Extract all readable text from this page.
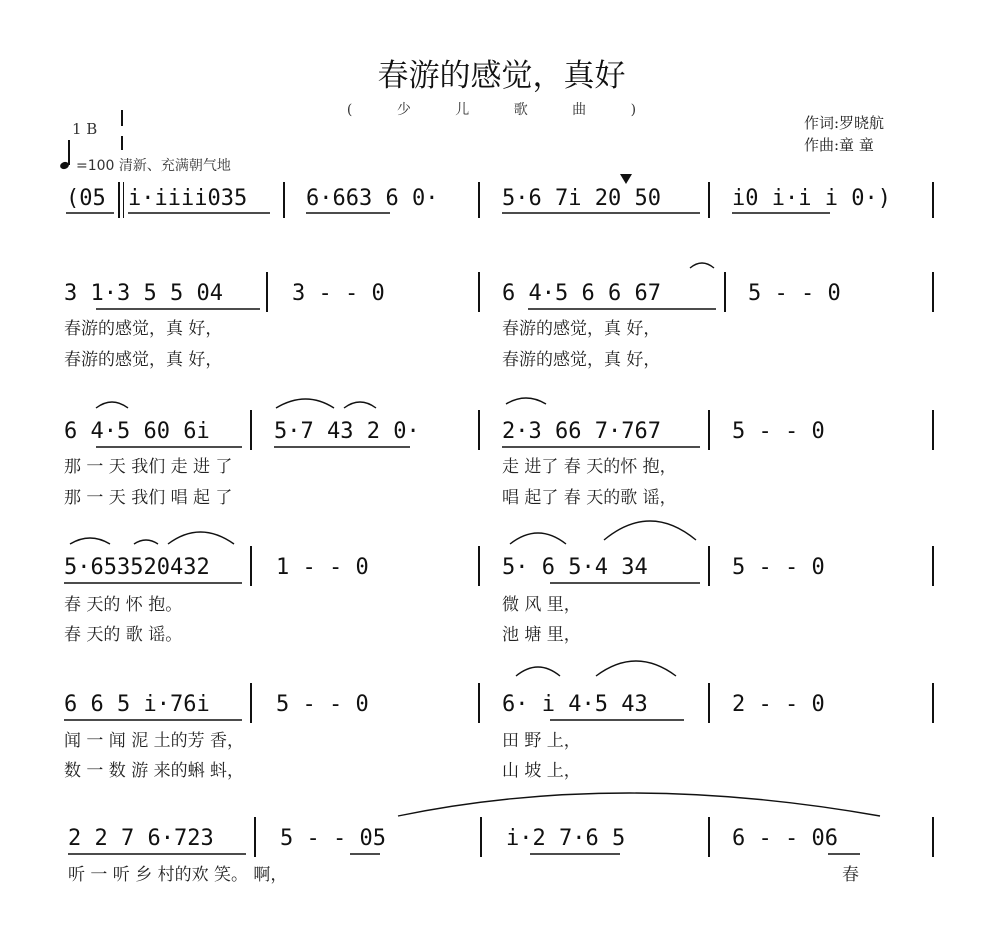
春游的感觉，真好
( 少 儿 歌 曲 )
作词:罗晓航
作曲:童 童
1 B
=100 清新、充满朝气地
(05 i·iiii035	6·663 6 0·	5·6 7i 20 50	i0 i·i i 0·)
3 1·3 5 5 04	3 - - 0	6 4·5 6 6 67	5 - - 0
春游的感觉，真 好，	春游的感觉，真 好，
春游的感觉，真 好，	春游的感觉，真 好，
6 4·5 60 6i	5·7 43 2 0·	2·3 66 7·767	5 - - 0
那 一 天 我们 走 进 了	走 进了 春 天的怀 抱，
那 一 天 我们 唱 起 了	唱 起了 春 天的歌 谣，
5·653520432	1 - - 0	5· 6 5·4 34	5 - - 0
春 天的 怀 抱。	微 风 里，
春 天的 歌 谣。	池 塘 里，
6 6 5 i·76i	5 - - 0	6· i 4·5 43	2 - - 0
闻 一 闻 泥 土的芳 香，	田 野 上，
数 一 数 游 来的蝌 蚪，	山 坡 上，
2 2 7 6·723	5 - - 05	i·2 7·6 5	6 - - 06
听 一 听 乡 村的欢 笑。 啊，	春
